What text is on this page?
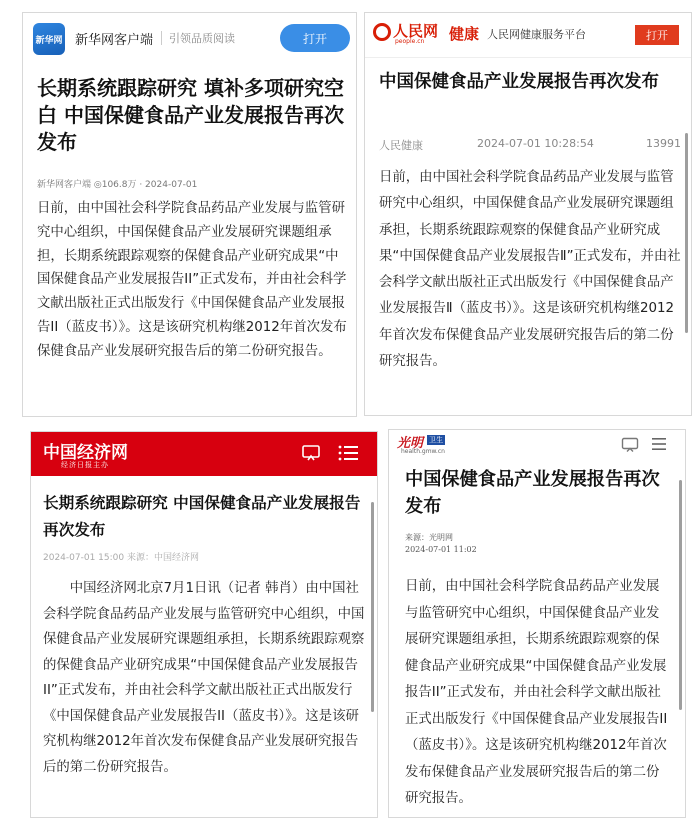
新华网 新华网客户端 引领品质阅读	打开
长期系统跟踪研究 填补多项研究空白 中国保健食品产业发展报告再次发布
新华网客户端 ◎106.8万 · 2024-07-01
日前，由中国社会科学院食品药品产业发展与监管研究中心组织，中国保健食品产业发展研究课题组承担，长期系统跟踪观察的保健食品产业研究成果“中国保健食品产业发展报告II”正式发布，并由社会科学文献出版社正式出版发行《中国保健食品产业发展报告II（蓝皮书）》。这是该研究机构继2012年首次发布保健食品产业发展研究报告后的第二份研究报告。
人民网
people.cn 健康 人民网健康服务平台	打开
中国保健食品产业发展报告再次发布
人民健康	2024-07-01 10:28:54	13991
日前，由中国社会科学院食品药品产业发展与监管研究中心组织，中国保健食品产业发展研究课题组承担，长期系统跟踪观察的保健食品产业研究成果“中国保健食品产业发展报告Ⅱ”正式发布，并由社会科学文献出版社正式出版发行《中国保健食品产业发展报告Ⅱ（蓝皮书）》。这是该研究机构继2012年首次发布保健食品产业发展研究报告后的第二份研究报告。
中国经济网
经济日报主办
长期系统跟踪研究 中国保健食品产业发展报告再次发布
2024-07-01 15:00 来源：中国经济网
中国经济网北京7月1日讯（记者 韩肖）由中国社会科学院食品药品产业发展与监管研究中心组织，中国保健食品产业发展研究课题组承担，长期系统跟踪观察的保健食品产业研究成果“中国保健食品产业发展报告II”正式发布，并由社会科学文献出版社正式出版发行《中国保健食品产业发展报告II（蓝皮书）》。这是该研究机构继2012年首次发布保健食品产业发展研究报告后的第二份研究报告。
光明 卫生
health.gmw.cn
中国保健食品产业发展报告再次发布
来源：光明网
2024-07-01 11:02
日前，由中国社会科学院食品药品产业发展与监管研究中心组织，中国保健食品产业发展研究课题组承担，长期系统跟踪观察的保健食品产业研究成果“中国保健食品产业发展报告II”正式发布，并由社会科学文献出版社正式出版发行《中国保健食品产业发展报告II（蓝皮书）》。这是该研究机构继2012年首次发布保健食品产业发展研究报告后的第二份研究报告。
